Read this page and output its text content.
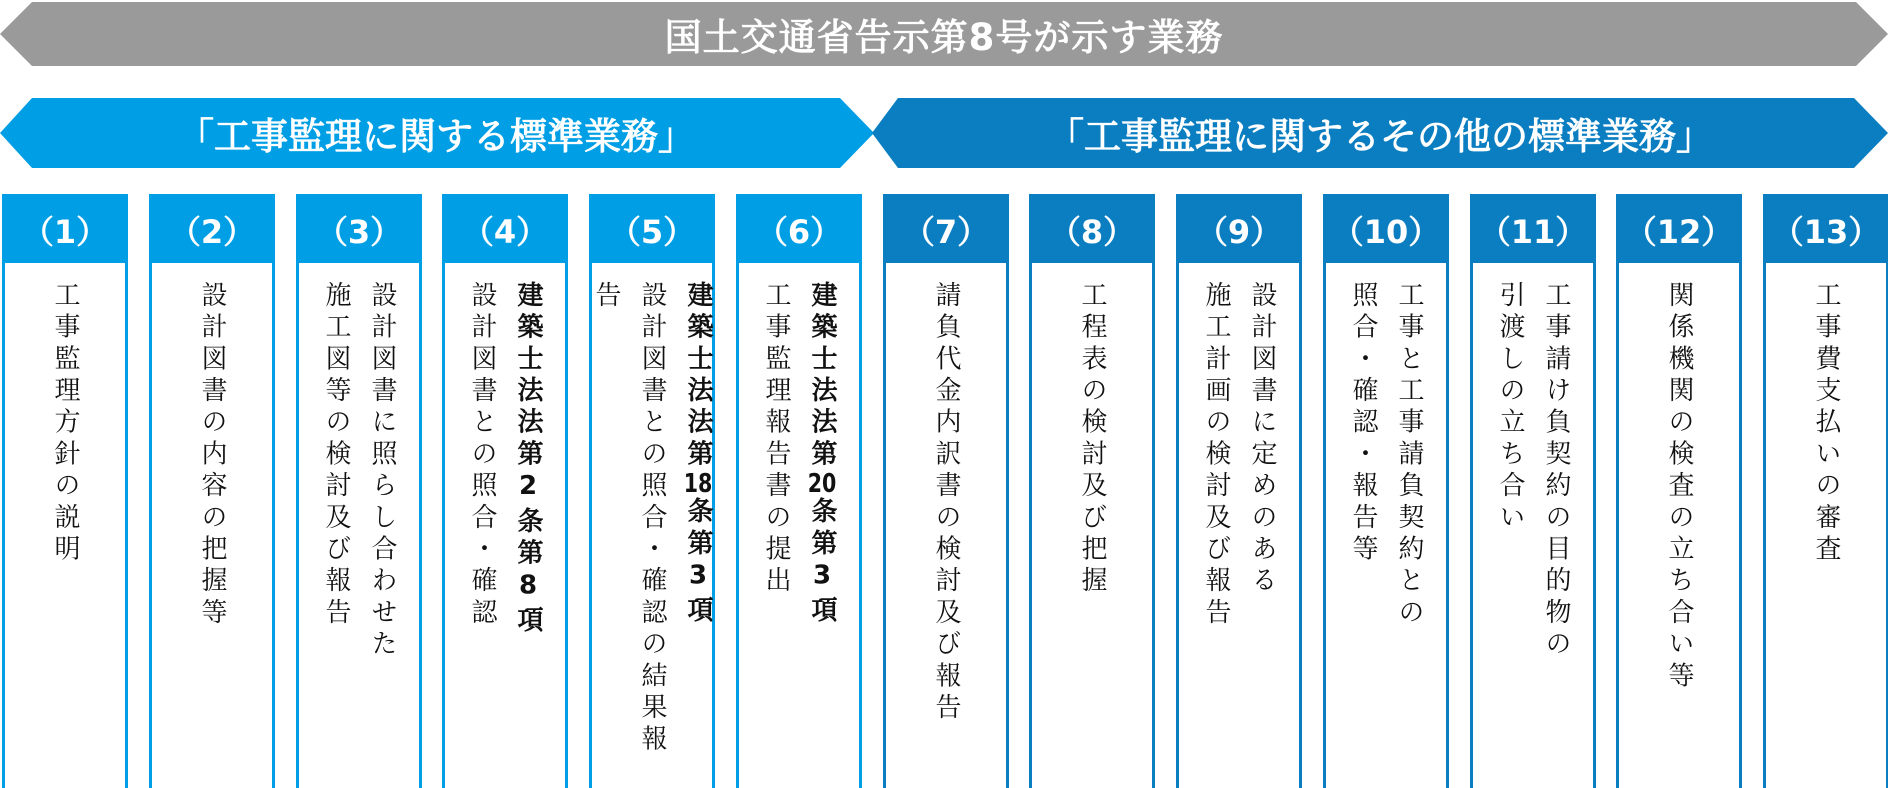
国土交通省告示第8号が示す業務
「工事監理に関する標準業務」	「工事監理に関するその他の標準業務」
（1）
工事監理方針の説明
（2）
設計図書の内容の把握等
（3）
設計図書に照らし合わせた
施工図等の検討及び報告
（4）
建築士法法第2条第8項
設計図書との照合・確認
（5）
建築士法法第18条第3項
設計図書との照合・確認の結果報告
（6）
建築士法法第20条第3項
工事監理報告書の提出
（7）
請負代金内訳書の検討及び報告
（8）
工程表の検討及び把握
（9）
設計図書に定めのある
施工計画の検討及び報告
（10）
工事と工事請負契約との
照合・確認・報告等
（11）
工事請け負契約の目的物の
引渡しの立ち合い
（12）
関係機関の検査の立ち合い等
（13）
工事費支払いの審査
